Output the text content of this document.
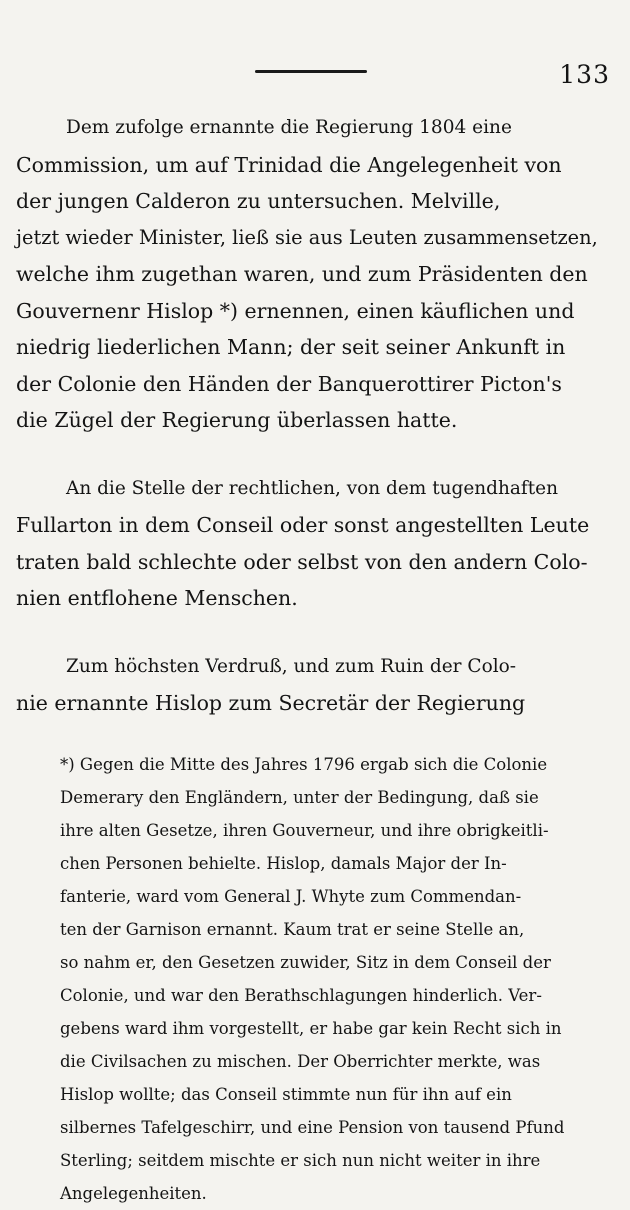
133

Dem zufolge ernannte die Regierung 1804 eine
Commission, um auf Trinidad die Angelegenheit von
der jungen Calderon zu untersuchen. Melville,
jetzt wieder Minister, ließ sie aus Leuten zusammensetzen,
welche ihm zugethan waren, und zum Präsidenten den
Gouvernenr Hislop *) ernennen, einen käuflichen und
niedrig liederlichen Mann; der seit seiner Ankunft in
der Colonie den Händen der Banquerottirer Picton's
die Zügel der Regierung überlassen hatte.

An die Stelle der rechtlichen, von dem tugendhaften
Fullarton in dem Conseil oder sonst angestellten Leute
traten bald schlechte oder selbst von den andern Colo-
nien entflohene Menschen.

Zum höchsten Verdruß, und zum Ruin der Colo-
nie ernannte Hislop zum Secretär der Regierung

*) Gegen die Mitte des Jahres 1796 ergab sich die Colonie
Demerary den Engländern, unter der Bedingung, daß sie
ihre alten Gesetze, ihren Gouverneur, und ihre obrigkeitli-
chen Personen behielte. Hislop, damals Major der In-
fanterie, ward vom General J. Whyte zum Commendan-
ten der Garnison ernannt. Kaum trat er seine Stelle an,
so nahm er, den Gesetzen zuwider, Sitz in dem Conseil der
Colonie, und war den Berathschlagungen hinderlich. Ver-
gebens ward ihm vorgestellt, er habe gar kein Recht sich in
die Civilsachen zu mischen. Der Oberrichter merkte, was
Hislop wollte; das Conseil stimmte nun für ihn auf ein
silbernes Tafelgeschirr, und eine Pension von tausend Pfund
Sterling; seitdem mischte er sich nun nicht weiter in ihre
Angelegenheiten.
